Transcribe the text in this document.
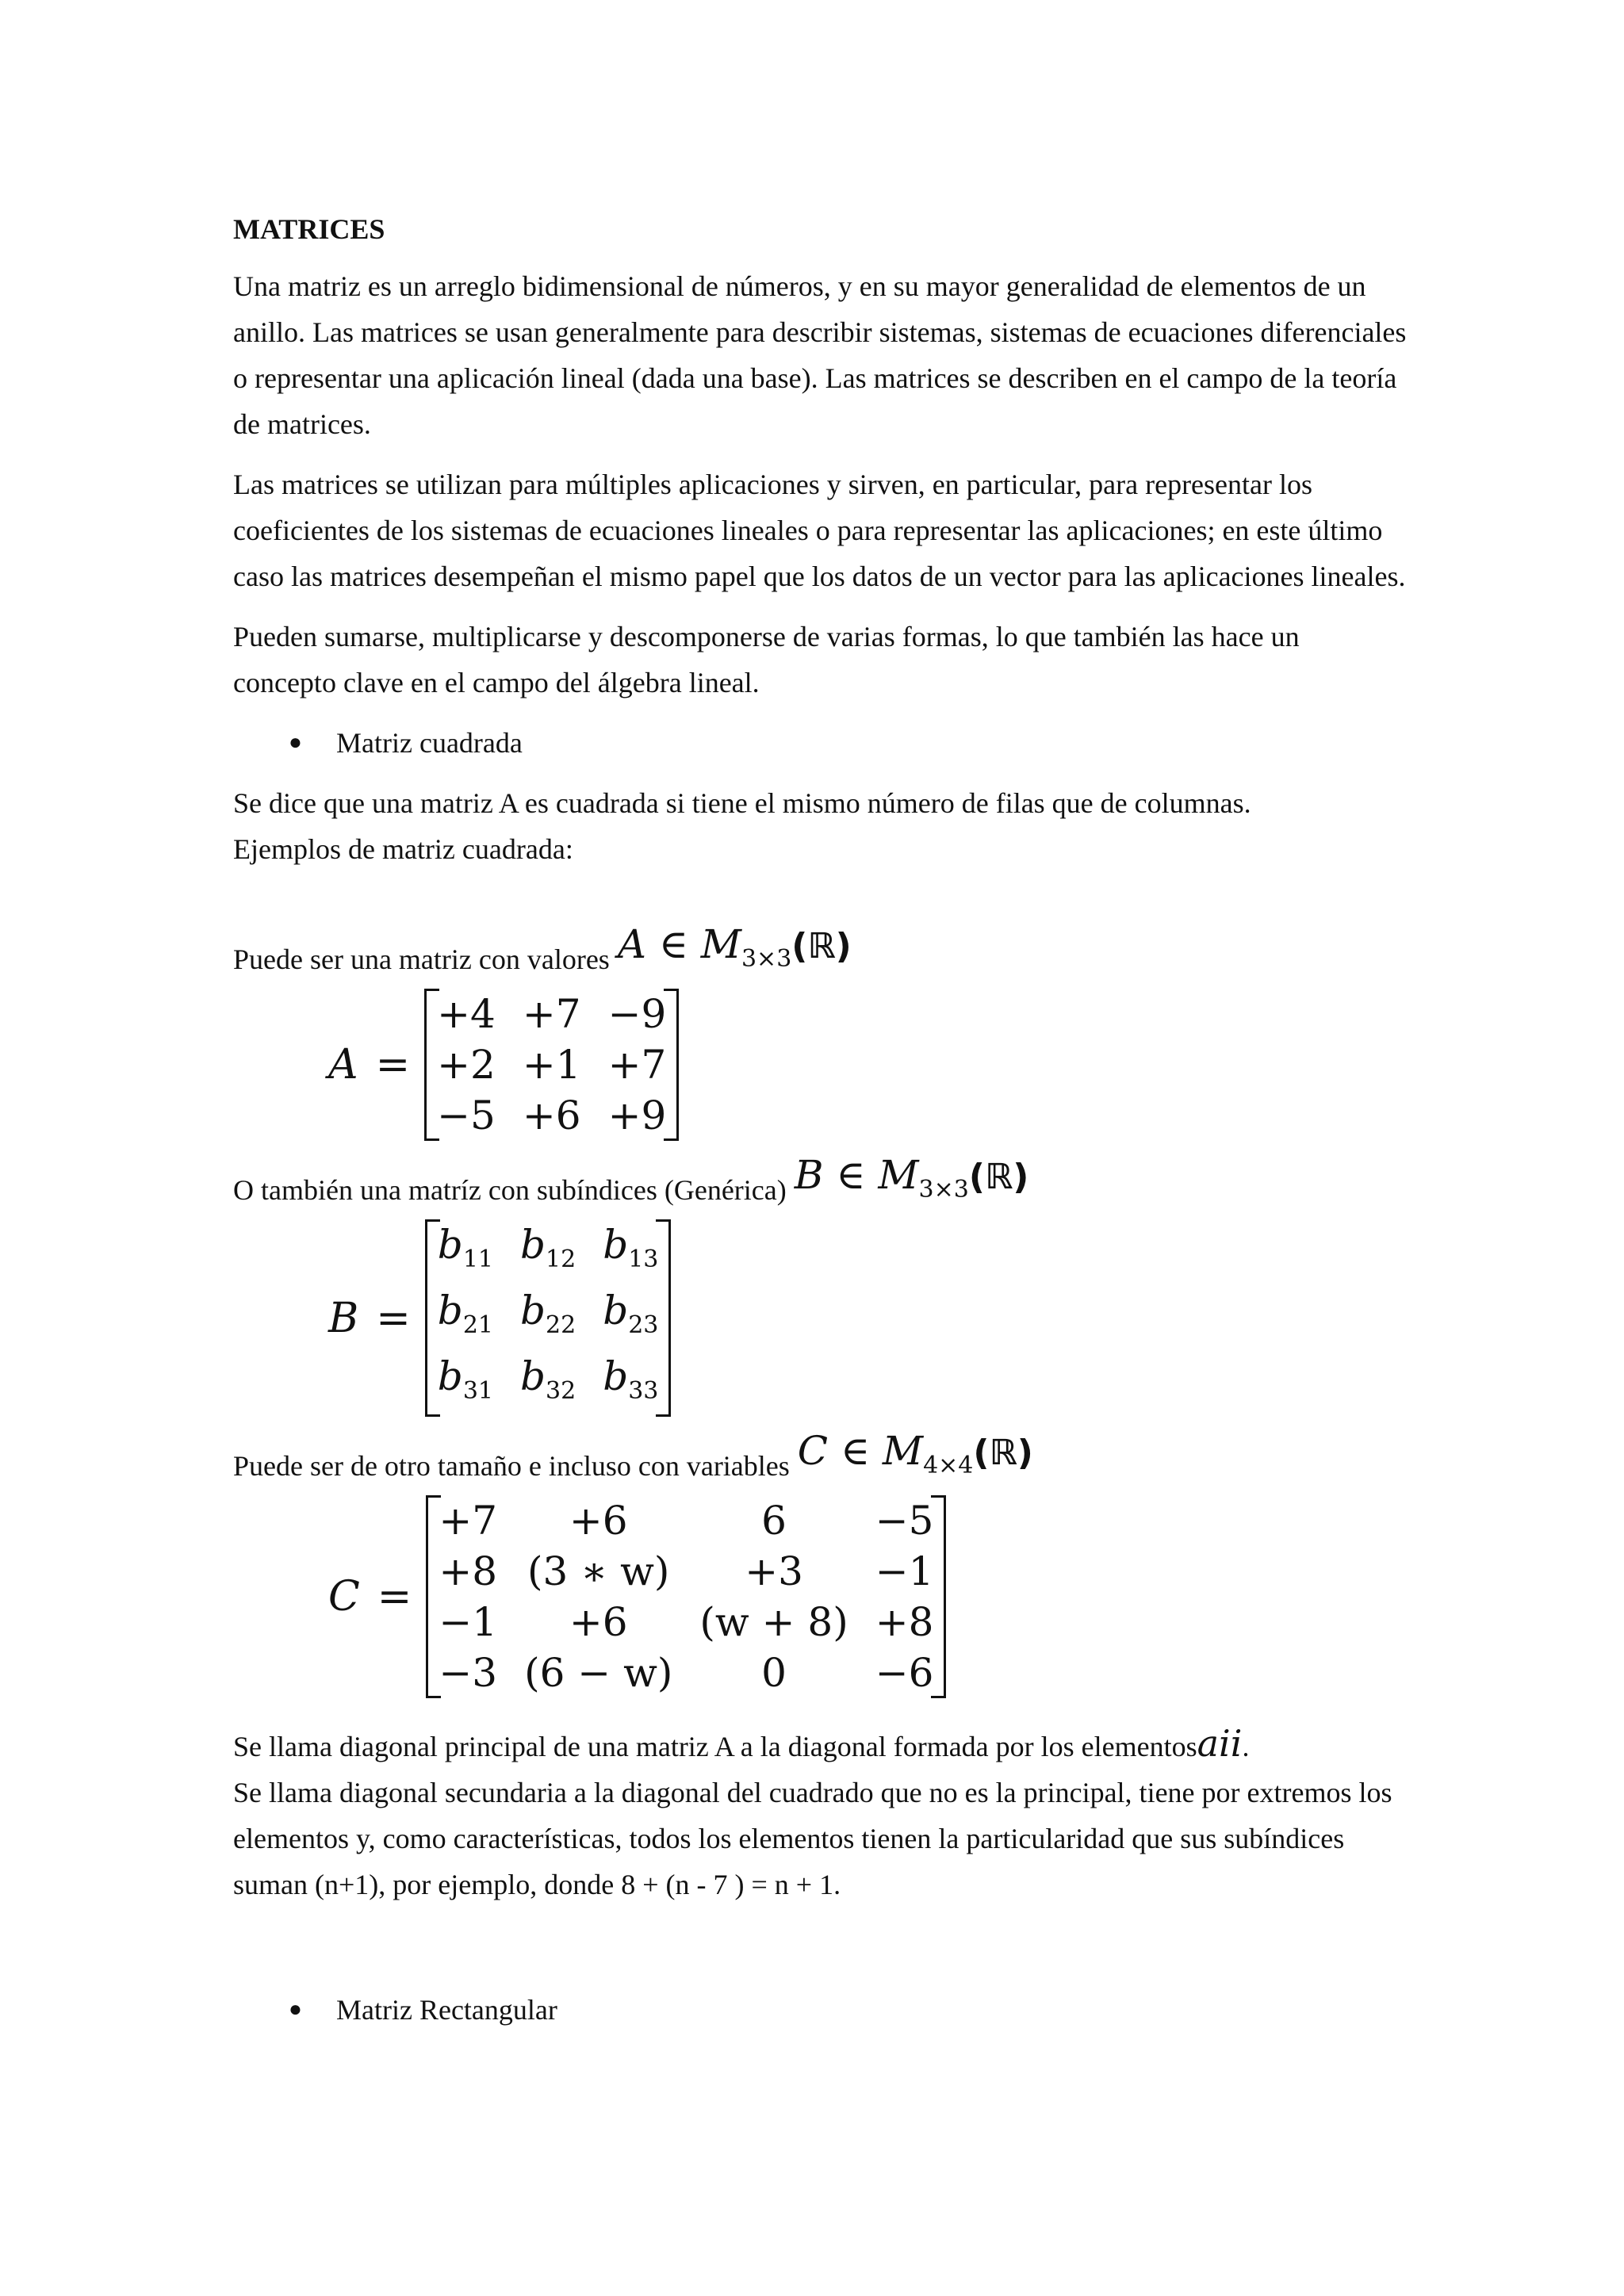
MATRICES

Una matriz es un arreglo bidimensional de números, y en su mayor generalidad de elementos de un anillo. Las matrices se usan generalmente para describir sistemas, sistemas de ecuaciones diferenciales o representar una aplicación lineal (dada una base). Las matrices se describen en el campo de la teoría de matrices.

Las matrices se utilizan para múltiples aplicaciones y sirven, en particular, para representar los coeficientes de los sistemas de ecuaciones lineales o para representar las aplicaciones; en este último caso las matrices desempeñan el mismo papel que los datos de un vector para las aplicaciones lineales.

Pueden sumarse, multiplicarse y descomponerse de varias formas, lo que también las hace un concepto clave en el campo del álgebra lineal.

●	Matriz cuadrada

Se dice que una matriz A es cuadrada si tiene el mismo número de filas que de columnas.

Ejemplos de matriz cuadrada:

Puede ser una matriz con valores A ∈ $M_{3\times 3}(ℝ)$
A =
+4 +7 −9
+2 +1 +7
−5 +6 +9
O también una matríz con subíndices (Genérica) B ∈ $M_{3\times 3}(ℝ)$
B =
$b_{11}$ $b_{12}$ $b_{13}$
$b_{21}$ $b_{22}$ $b_{23}$
$b_{31}$ $b_{32}$ $b_{33}$
Puede ser de otro tamaño e incluso con variables C ∈ $M_{4\times 4}(ℝ)$
C =
+7	+6	6	−5
+8 (3 ∗ w)	+3	−1
−1	+6	(w + 8) +8
−3 (6 − w)	0	−6

Se llama diagonal principal de una matriz A a la diagonal formada por los elementosaii.

Se llama diagonal secundaria a la diagonal del cuadrado que no es la principal, tiene por extremos los elementos y, como características, todos los elementos tienen la particularidad que sus subíndices suman (n+1), por ejemplo, donde 8 + (n - 7 ) = n + 1.

●	Matriz Rectangular
